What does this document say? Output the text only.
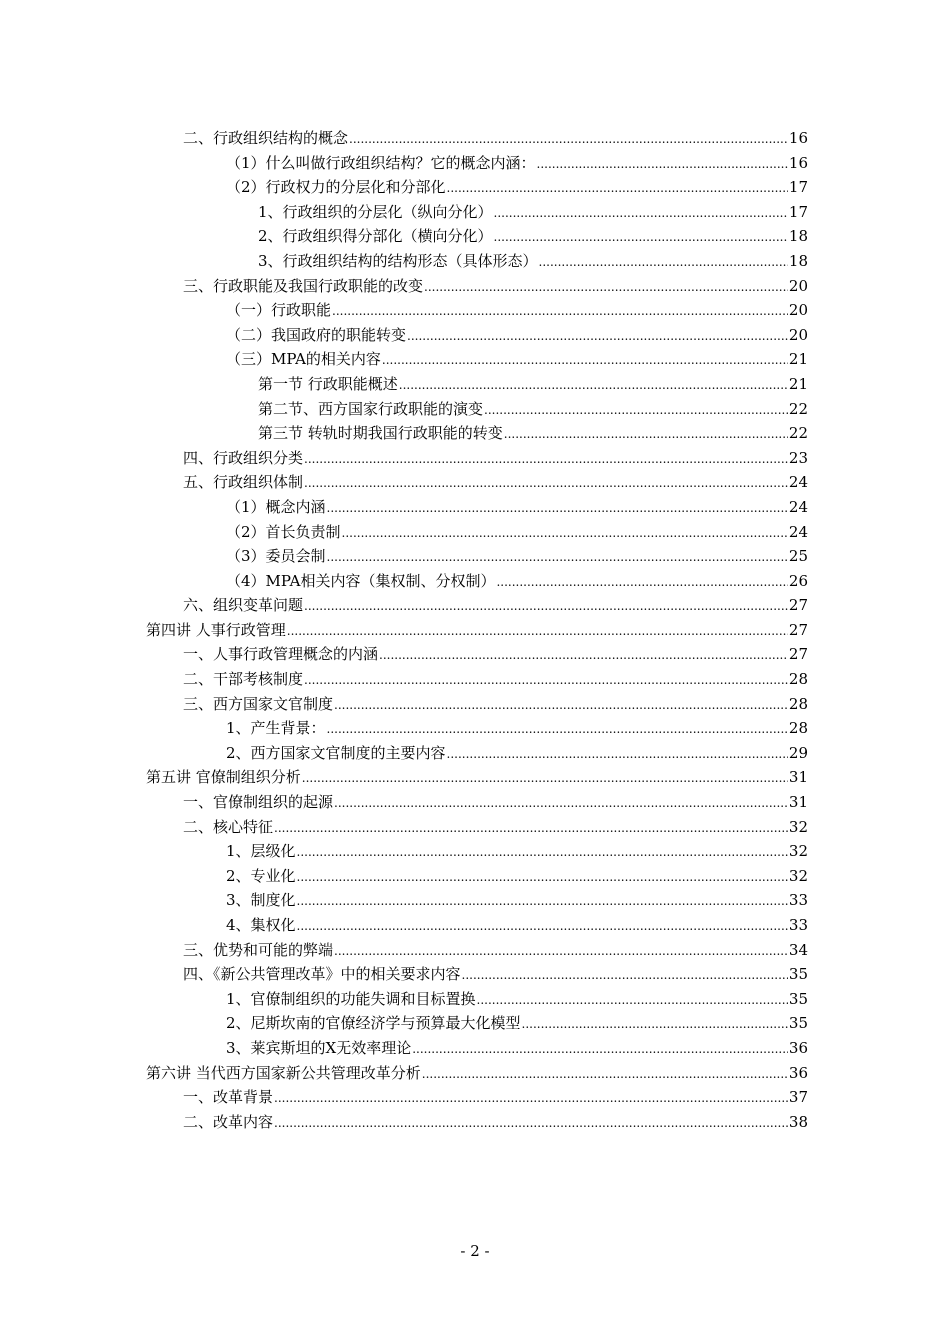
二、行政组织结构的概念 .....	16
（1）什么叫做行政组织结构？它的概念内涵： .....	16
（2）行政权力的分层化和分部化 .....	17
1、行政组织的分层化（纵向分化） .....	17
2、行政组织得分部化（横向分化） .....	18
3、行政组织结构的结构形态（具体形态） .....	18
三、行政职能及我国行政职能的改变 .....	20
（一）行政职能 .....	20
（二）我国政府的职能转变 .....	20
（三）MPA的相关内容 .....	21
第一节 行政职能概述 .....	21
第二节、西方国家行政职能的演变 .....	22
第三节 转轨时期我国行政职能的转变 .....	22
四、行政组织分类 .....	23
五、行政组织体制 .....	24
（1）概念内涵 .....	24
（2）首长负责制 .....	24
（3）委员会制 .....	25
（4）MPA相关内容（集权制、分权制） .....	26
六、组织变革问题 .....	27
第四讲 人事行政管理 .....	27
一、人事行政管理概念的内涵 .....	27
二、干部考核制度 .....	28
三、西方国家文官制度 .....	28
1、产生背景： .....	28
2、西方国家文官制度的主要内容 .....	29
第五讲 官僚制组织分析 .....	31
一、官僚制组织的起源 .....	31
二、核心特征 .....	32
1、层级化 .....	32
2、专业化 .....	32
3、制度化 .....	33
4、集权化 .....	33
三、优势和可能的弊端 .....	34
四、《新公共管理改革》中的相关要求内容 .....	35
1、官僚制组织的功能失调和目标置换 .....	35
2、尼斯坎南的官僚经济学与预算最大化模型 .....	35
3、莱宾斯坦的X无效率理论 .....	36
第六讲 当代西方国家新公共管理改革分析 .....	36
一、改革背景 .....	37
二、改革内容 .....	38
- 2 -
